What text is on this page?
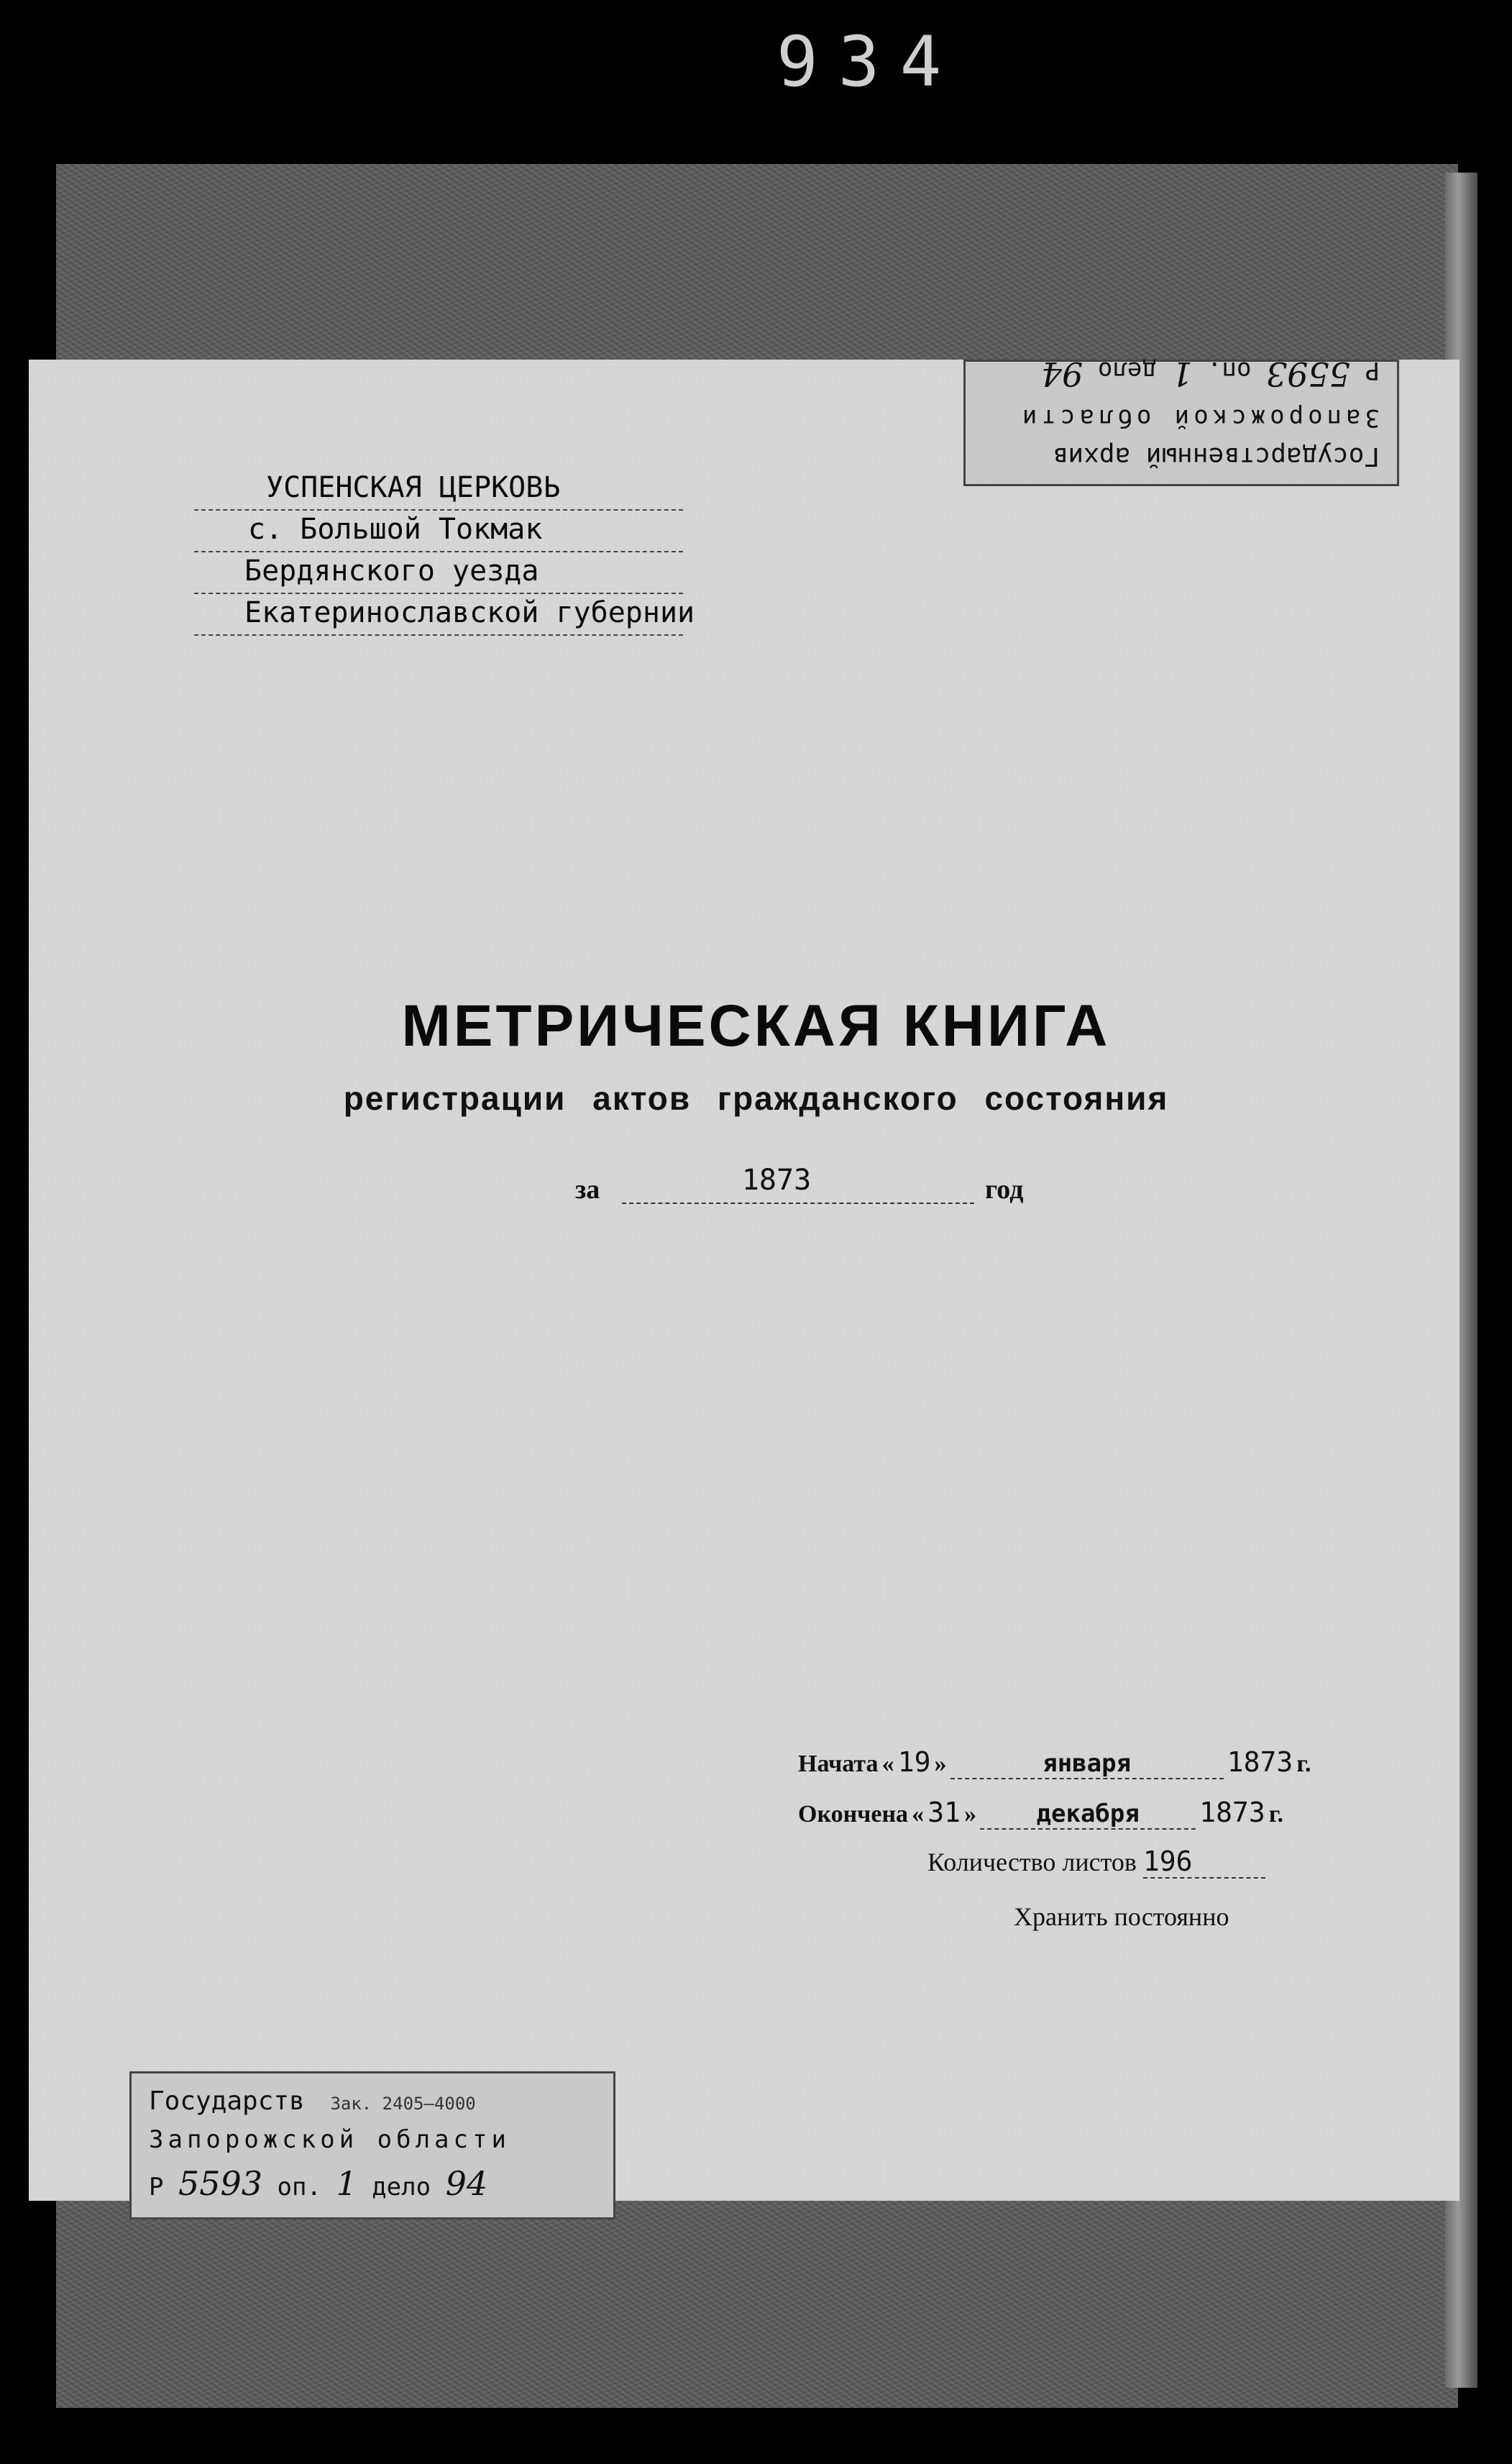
934
Государственный архив
Запорожской области
Р 5593 оп. 1 дело 94
УСПЕНСКАЯ ЦЕРКОВЬ
с. Большой Токмак
Бердянского уезда
Екатеринославской губернии
МЕТРИЧЕСКАЯ КНИГА
регистрации актов гражданского состояния
за	1873	год
Начата « 19 »	января	1873 г.
Окончена « 31 » декабря 1873 г.
Количество листов 196
Хранить постоянно
Государств Зак. 2405—4000
Запорожской области
Р 5593 оп. 1 дело 94
